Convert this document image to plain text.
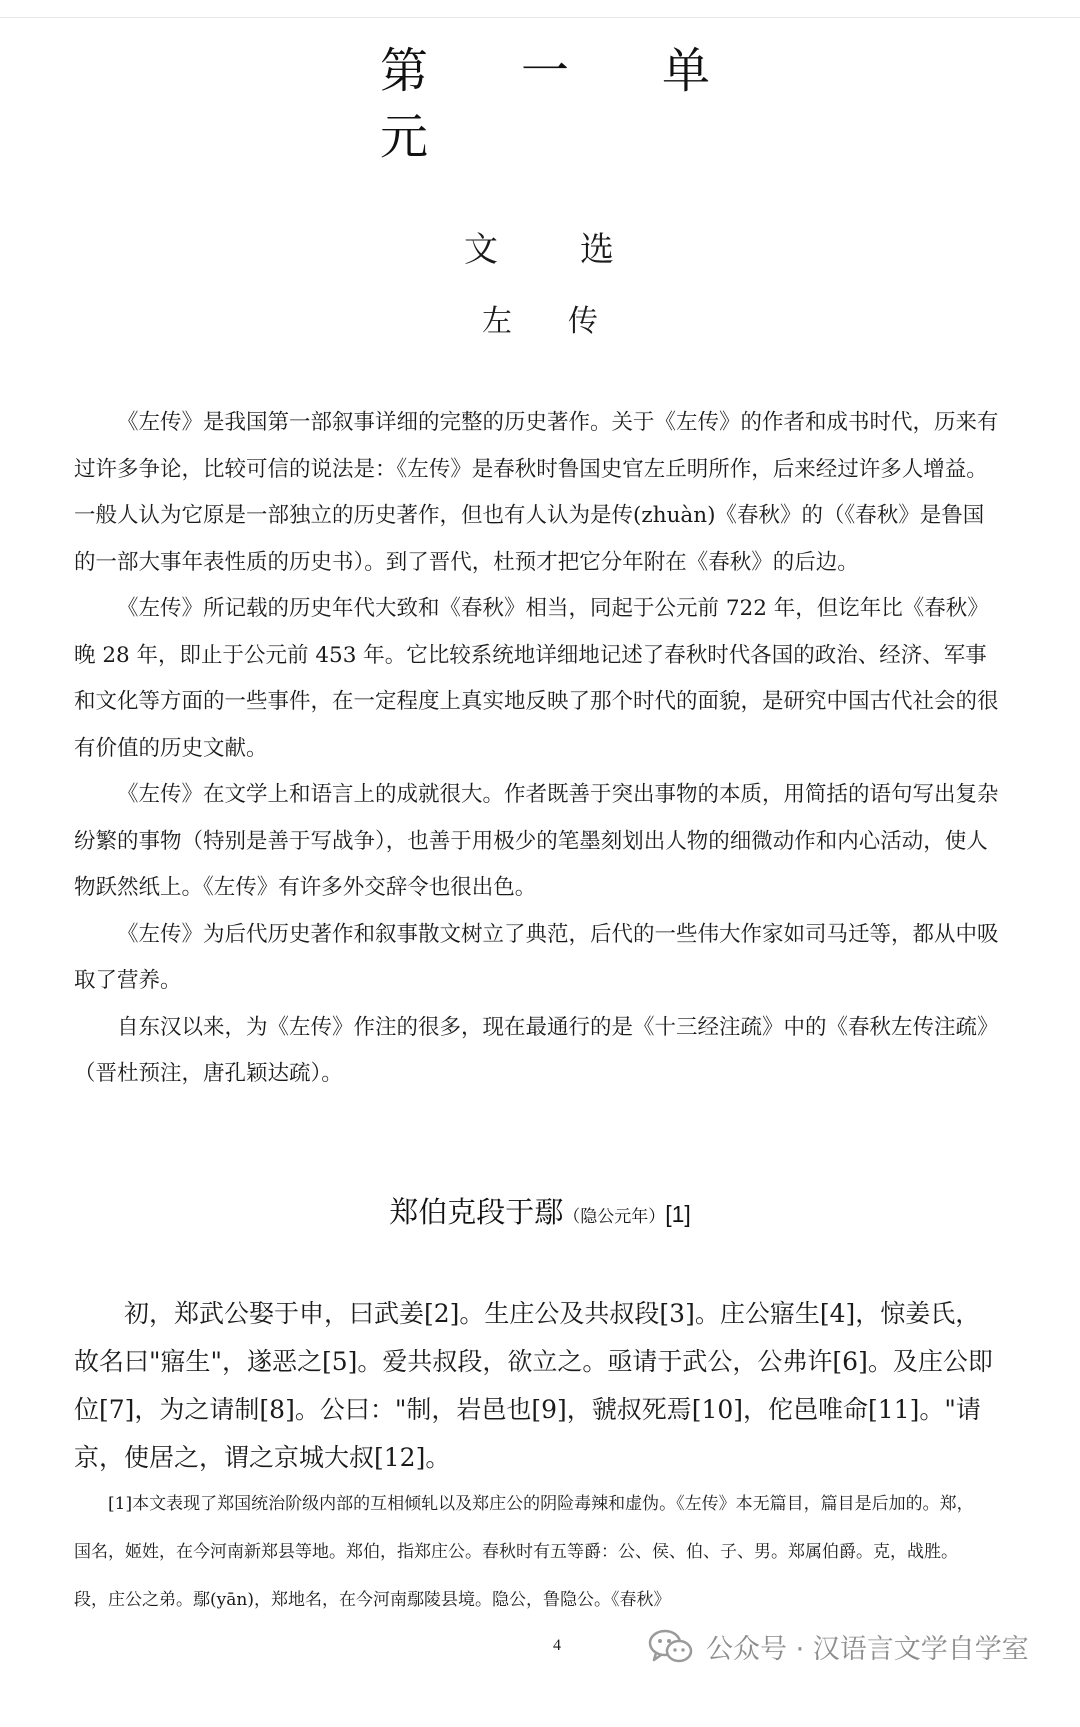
第 一 单
元
文 选
左 传

《左传》是我国第一部叙事详细的完整的历史著作。关于《左传》的作者和成书时代，历来有过许多争论，比较可信的说法是：《左传》是春秋时鲁国史官左丘明所作，后来经过许多人增益。一般人认为它原是一部独立的历史著作，但也有人认为是传(zhuàn)《春秋》的（《春秋》是鲁国的一部大事年表性质的历史书）。到了晋代，杜预才把它分年附在《春秋》的后边。

《左传》所记载的历史年代大致和《春秋》相当，同起于公元前 722 年，但讫年比《春秋》晚 28 年，即止于公元前 453 年。它比较系统地详细地记述了春秋时代各国的政治、经济、军事和文化等方面的一些事件，在一定程度上真实地反映了那个时代的面貌，是研究中国古代社会的很有价值的历史文献。

《左传》在文学上和语言上的成就很大。作者既善于突出事物的本质，用简括的语句写出复杂纷繁的事物（特别是善于写战争），也善于用极少的笔墨刻划出人物的细微动作和内心活动，使人物跃然纸上。《左传》有许多外交辞令也很出色。

《左传》为后代历史著作和叙事散文树立了典范，后代的一些伟大作家如司马迁等，都从中吸取了营养。

自东汉以来，为《左传》作注的很多，现在最通行的是《十三经注疏》中的《春秋左传注疏》（晋杜预注，唐孔颖达疏）。

郑伯克段于鄢（隐公元年）[1]

初，郑武公娶于申，曰武姜[2]。生庄公及共叔段[3]。庄公寤生[4]，惊姜氏，故名曰"寤生"，遂恶之[5]。爱共叔段，欲立之。亟请于武公，公弗许[6]。及庄公即位[7]，为之请制[8]。公曰："制，岩邑也[9]，虢叔死焉[10]，佗邑唯命[11]。"请京，使居之，谓之京城大叔[12]。

[1]本文表现了郑国统治阶级内部的互相倾轧以及郑庄公的阴险毒辣和虚伪。《左传》本无篇目，篇目是后加的。郑，国名，姬姓，在今河南新郑县等地。郑伯，指郑庄公。春秋时有五等爵：公、侯、伯、子、男。郑属伯爵。克，战胜。段，庄公之弟。鄢(yān)，郑地名，在今河南鄢陵县境。隐公，鲁隐公。《春秋》

4	公众号 · 汉语言文学自学室
